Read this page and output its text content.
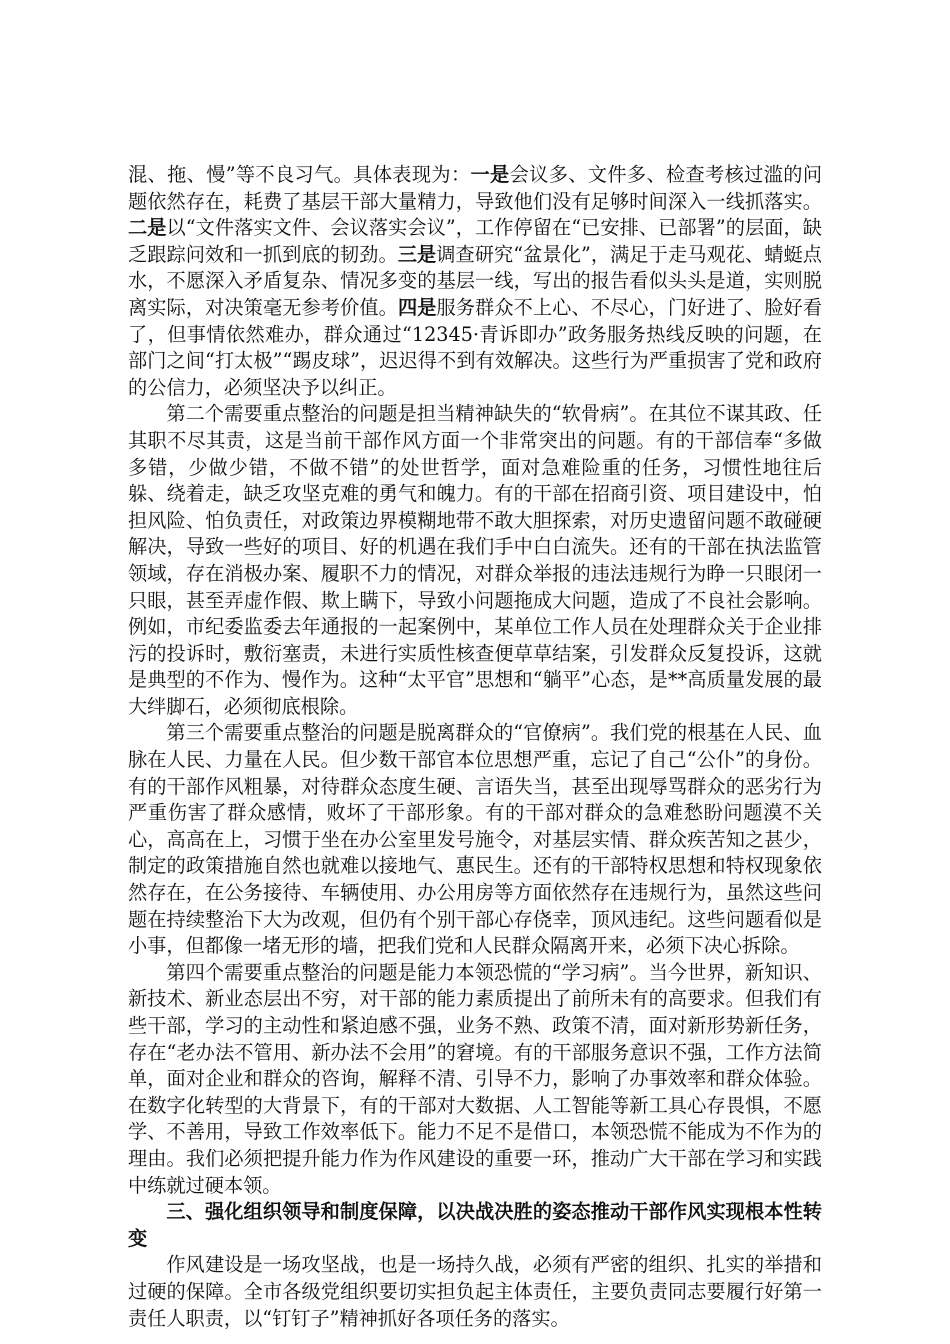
混、拖、慢”等不良习气。具体表现为：一是会议多、文件多、检查考核过滥的问题依然存在，耗费了基层干部大量精力，导致他们没有足够时间深入一线抓落实。二是以“文件落实文件、会议落实会议”，工作停留在“已安排、已部署”的层面，缺乏跟踪问效和一抓到底的韧劲。三是调查研究“盆景化”，满足于走马观花、蜻蜓点水，不愿深入矛盾复杂、情况多变的基层一线，写出的报告看似头头是道，实则脱离实际，对决策毫无参考价值。四是服务群众不上心、不尽心，门好进了、脸好看了，但事情依然难办，群众通过“12345·青诉即办”政务服务热线反映的问题，在部门之间“打太极”“踢皮球”，迟迟得不到有效解决。这些行为严重损害了党和政府的公信力，必须坚决予以纠正。

第二个需要重点整治的问题是担当精神缺失的“软骨病”。在其位不谋其政、任其职不尽其责，这是当前干部作风方面一个非常突出的问题。有的干部信奉“多做多错，少做少错，不做不错”的处世哲学，面对急难险重的任务，习惯性地往后躲、绕着走，缺乏攻坚克难的勇气和魄力。有的干部在招商引资、项目建设中，怕担风险、怕负责任，对政策边界模糊地带不敢大胆探索，对历史遗留问题不敢碰硬解决，导致一些好的项目、好的机遇在我们手中白白流失。还有的干部在执法监管领域，存在消极办案、履职不力的情况，对群众举报的违法违规行为睁一只眼闭一只眼，甚至弄虚作假、欺上瞒下，导致小问题拖成大问题，造成了不良社会影响。例如，市纪委监委去年通报的一起案例中，某单位工作人员在处理群众关于企业排污的投诉时，敷衍塞责，未进行实质性核查便草草结案，引发群众反复投诉，这就是典型的不作为、慢作为。这种“太平官”思想和“躺平”心态，是**高质量发展的最大绊脚石，必须彻底根除。

第三个需要重点整治的问题是脱离群众的“官僚病”。我们党的根基在人民、血脉在人民、力量在人民。但少数干部官本位思想严重，忘记了自己“公仆”的身份。有的干部作风粗暴，对待群众态度生硬、言语失当，甚至出现辱骂群众的恶劣行为严重伤害了群众感情，败坏了干部形象。有的干部对群众的急难愁盼问题漠不关心，高高在上，习惯于坐在办公室里发号施令，对基层实情、群众疾苦知之甚少，制定的政策措施自然也就难以接地气、惠民生。还有的干部特权思想和特权现象依然存在，在公务接待、车辆使用、办公用房等方面依然存在违规行为，虽然这些问题在持续整治下大为改观，但仍有个别干部心存侥幸，顶风违纪。这些问题看似是小事，但都像一堵无形的墙，把我们党和人民群众隔离开来，必须下决心拆除。

第四个需要重点整治的问题是能力本领恐慌的“学习病”。当今世界，新知识、新技术、新业态层出不穷，对干部的能力素质提出了前所未有的高要求。但我们有些干部，学习的主动性和紧迫感不强，业务不熟、政策不清，面对新形势新任务，存在“老办法不管用、新办法不会用”的窘境。有的干部服务意识不强，工作方法简单，面对企业和群众的咨询，解释不清、引导不力，影响了办事效率和群众体验。在数字化转型的大背景下，有的干部对大数据、人工智能等新工具心存畏惧，不愿学、不善用，导致工作效率低下。能力不足不是借口，本领恐慌不能成为不作为的理由。我们必须把提升能力作为作风建设的重要一环，推动广大干部在学习和实践中练就过硬本领。

三、强化组织领导和制度保障，以决战决胜的姿态推动干部作风实现根本性转变

作风建设是一场攻坚战，也是一场持久战，必须有严密的组织、扎实的举措和过硬的保障。全市各级党组织要切实担负起主体责任，主要负责同志要履行好第一责任人职责，以“钉钉子”精神抓好各项任务的落实。
